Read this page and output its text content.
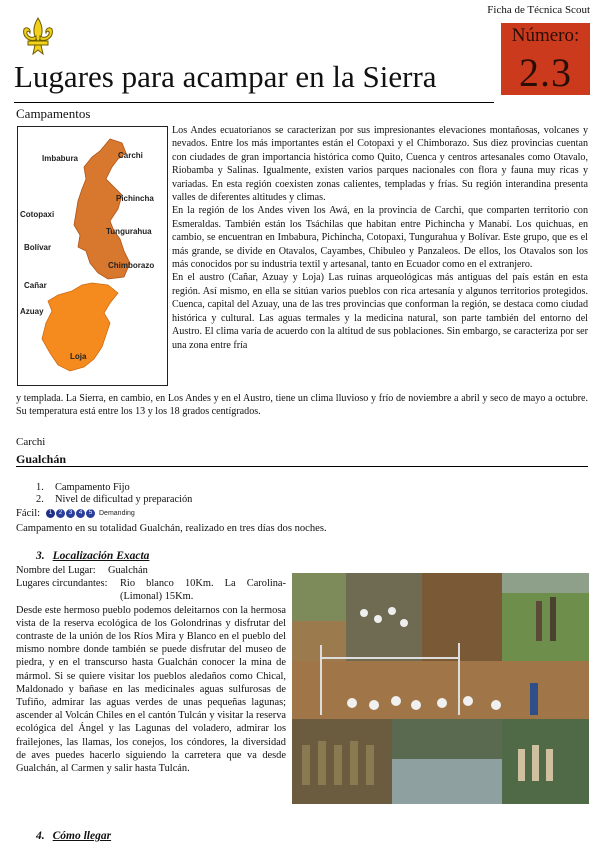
Ficha de Técnica Scout
Número:
2.3
Lugares para acampar en la Sierra
Campamentos
Carchi
Imbabura
Pichincha
Cotopaxi
Tungurahua
Bolívar
Chimborazo
Cañar
Azuay
Loja

Los Andes ecuatorianos se caracterizan por sus impresionantes elevaciones montañosas, volcanes y nevados. Entre los más importantes están el Cotopaxi y el Chimborazo. Sus diez provincias cuentan con ciudades de gran importancia histórica como Quito, Cuenca y centros artesanales como Otavalo, Riobamba y Salinas. Igualmente, existen varios parques nacionales con flora y fauna muy ricas y variadas. En esta región coexisten zonas calientes, templadas y frías. Su región interandina presenta valles de diferentes altitudes y climas.

En la región de los Andes viven los Awá, en la provincia de Carchi, que comparten territorio con Esmeraldas. También están los Tsáchilas que habitan entre Pichincha y Manabí. Los quichuas, en cambio, se encuentran en Imbabura, Pichincha, Cotopaxi, Tungurahua y Bolívar. Este grupo, que es el más grande, se divide en Otavalos, Cayambes, Chibuleo y Panzaleos. De ellos, los Otavalos son los más conocidos por su industria textil y artesanal, tanto en Ecuador como en el extranjero.

En el austro (Cañar, Azuay y Loja) Las ruinas arqueológicas más antiguas del país están en esta región. Así mismo, en ella se sitúan varios pueblos con rica artesanía y algunos territorios protegidos. Cuenca, capital del Azuay, una de las tres provincias que conforman la región, se destaca como ciudad histórica y cultural. Las aguas termales y la medicina natural, son parte también del entorno del Austro. El clima varía de acuerdo con la altitud de sus poblaciones. Sin embargo, se caracteriza por ser una zona entre fría

y templada. La Sierra, en cambio, en Los Andes y en el Austro, tiene un clima lluvioso y frío de noviembre a abril y seco de mayo a octubre. Su temperatura está entre los 13 y los 18 grados centígrados.
Carchi
Gualchán
1.	Campamento Fijo
2.	Nivel de dificultad y preparación
Fácil:	1	2	3	4	5 Demanding
Campamento en su totalidad Gualchán, realizado en tres días dos noches.
3. Localización Exacta
Nombre del Lugar:	Gualchán
Lugares circundantes:	Rio blanco 10Km. La Carolina- (Limonal) 15Km.
Desde este hermoso pueblo podemos deleitarnos con la hermosa vista de la reserva ecológica de los Golondrinas y disfrutar del contraste de la unión de los Ríos Mira y Blanco en el pueblo del mismo nombre donde también se puede disfrutar del museo de piedra, y en el transcurso hasta Gualchán conocer la mina de mármol. Si se quiere visitar los pueblos aledaños como Chical, Maldonado y bañase en las medicinales aguas sulfurosas de Tufiño, admirar las aguas verdes de unas pequeñas lagunas; ascender al Volcán Chiles en el cantón Tulcán y visitar la reserva ecológica del Ángel y las Lagunas del voladero, admirar los frailejones, las llamas, los conejos, los cóndores, la diversidad de aves puedes hacerlo siguiendo la carretera que va desde Gualchán, al Carmen y salir hasta Tulcán.
4. Cómo llegar
